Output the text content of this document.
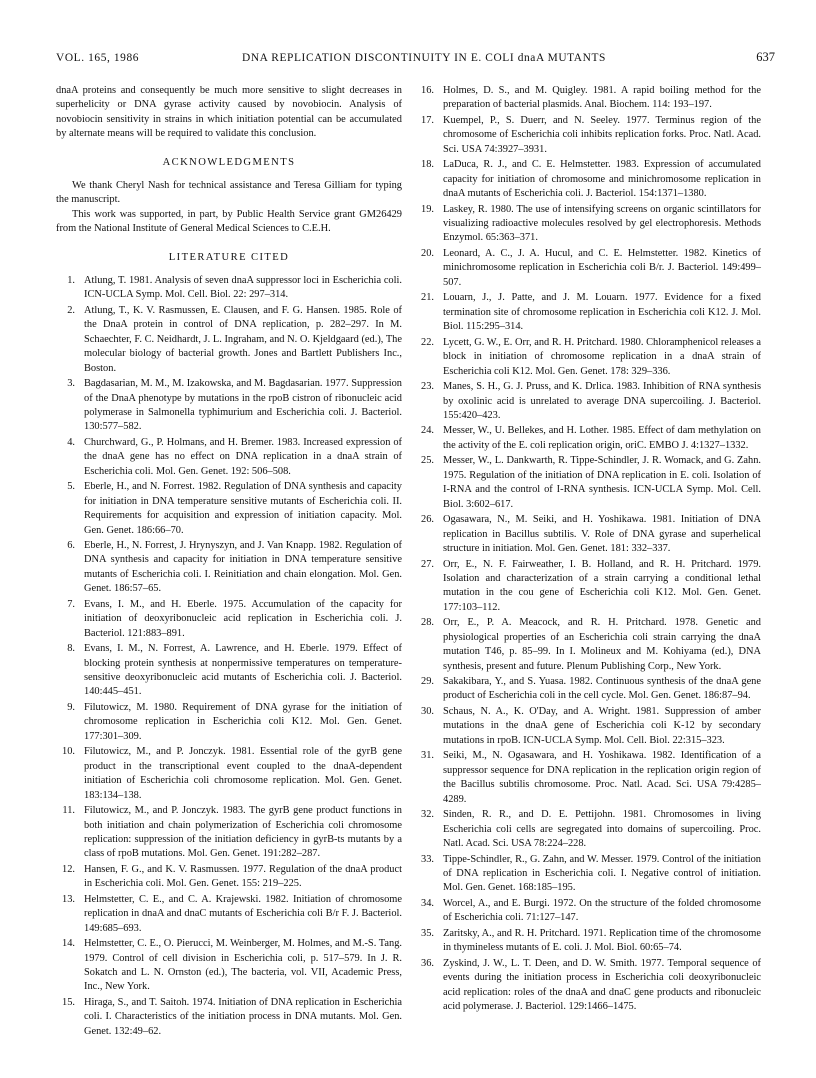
VOL. 165, 1986	DNA REPLICATION DISCONTINUITY IN E. COLI dnaA MUTANTS	637

dnaA proteins and consequently be much more sensitive to slight decreases in superhelicity or DNA gyrase activity caused by novobiocin. Analysis of novobiocin sensitivity in strains in which initiation potential can be accumulated by alternate means will be required to validate this conclusion.

ACKNOWLEDGMENTS

We thank Cheryl Nash for technical assistance and Teresa Gilliam for typing the manuscript.

This work was supported, in part, by Public Health Service grant GM26429 from the National Institute of General Medical Sciences to C.E.H.

LITERATURE CITED

1. Atlung, T. 1981. Analysis of seven dnaA suppressor loci in Escherichia coli. ICN-UCLA Symp. Mol. Cell. Biol. 22: 297–314.

2. Atlung, T., K. V. Rasmussen, E. Clausen, and F. G. Hansen. 1985. Role of the DnaA protein in control of DNA replication, p. 282–297. In M. Schaechter, F. C. Neidhardt, J. L. Ingraham, and N. O. Kjeldgaard (ed.), The molecular biology of bacterial growth. Jones and Bartlett Publishers Inc., Boston.

3. Bagdasarian, M. M., M. Izakowska, and M. Bagdasarian. 1977. Suppression of the DnaA phenotype by mutations in the rpoB cistron of ribonucleic acid polymerase in Salmonella typhimurium and Escherichia coli. J. Bacteriol. 130:577–582.

4. Churchward, G., P. Holmans, and H. Bremer. 1983. Increased expression of the dnaA gene has no effect on DNA replication in a dnaA strain of Escherichia coli. Mol. Gen. Genet. 192: 506–508.

5. Eberle, H., and N. Forrest. 1982. Regulation of DNA synthesis and capacity for initiation in DNA temperature sensitive mutants of Escherichia coli. II. Requirements for acquisition and expression of initiation capacity. Mol. Gen. Genet. 186:66–70.

6. Eberle, H., N. Forrest, J. Hrynyszyn, and J. Van Knapp. 1982. Regulation of DNA synthesis and capacity for initiation in DNA temperature sensitive mutants of Escherichia coli. I. Reinitiation and chain elongation. Mol. Gen. Genet. 186:57–65.

7. Evans, I. M., and H. Eberle. 1975. Accumulation of the capacity for initiation of deoxyribonucleic acid replication in Escherichia coli. J. Bacteriol. 121:883–891.

8. Evans, I. M., N. Forrest, A. Lawrence, and H. Eberle. 1979. Effect of blocking protein synthesis at nonpermissive temperatures on temperature-sensitive deoxyribonucleic acid mutants of Escherichia coli. J. Bacteriol. 140:445–451.

9. Filutowicz, M. 1980. Requirement of DNA gyrase for the initiation of chromosome replication in Escherichia coli K12. Mol. Gen. Genet. 177:301–309.

10. Filutowicz, M., and P. Jonczyk. 1981. Essential role of the gyrB gene product in the transcriptional event coupled to the dnaA-dependent initiation of Escherichia coli chromosome replication. Mol. Gen. Genet. 183:134–138.

11. Filutowicz, M., and P. Jonczyk. 1983. The gyrB gene product functions in both initiation and chain polymerization of Escherichia coli chromosome replication: suppression of the initiation deficiency in gyrB-ts mutants by a class of rpoB mutations. Mol. Gen. Genet. 191:282–287.

12. Hansen, F. G., and K. V. Rasmussen. 1977. Regulation of the dnaA product in Escherichia coli. Mol. Gen. Genet. 155: 219–225.

13. Helmstetter, C. E., and C. A. Krajewski. 1982. Initiation of chromosome replication in dnaA and dnaC mutants of Escherichia coli B/r F. J. Bacteriol. 149:685–693.

14. Helmstetter, C. E., O. Pierucci, M. Weinberger, M. Holmes, and M.-S. Tang. 1979. Control of cell division in Escherichia coli, p. 517–579. In J. R. Sokatch and L. N. Ornston (ed.), The bacteria, vol. VII, Academic Press, Inc., New York.

15. Hiraga, S., and T. Saitoh. 1974. Initiation of DNA replication in Escherichia coli. I. Characteristics of the initiation process in DNA mutants. Mol. Gen. Genet. 132:49–62.

16. Holmes, D. S., and M. Quigley. 1981. A rapid boiling method for the preparation of bacterial plasmids. Anal. Biochem. 114: 193–197.

17. Kuempel, P., S. Duerr, and N. Seeley. 1977. Terminus region of the chromosome of Escherichia coli inhibits replication forks. Proc. Natl. Acad. Sci. USA 74:3927–3931.

18. LaDuca, R. J., and C. E. Helmstetter. 1983. Expression of accumulated capacity for initiation of chromosome and minichromosome replication in dnaA mutants of Escherichia coli. J. Bacteriol. 154:1371–1380.

19. Laskey, R. 1980. The use of intensifying screens on organic scintillators for visualizing radioactive molecules resolved by gel electrophoresis. Methods Enzymol. 65:363–371.

20. Leonard, A. C., J. A. Hucul, and C. E. Helmstetter. 1982. Kinetics of minichromosome replication in Escherichia coli B/r. J. Bacteriol. 149:499–507.

21. Louarn, J., J. Patte, and J. M. Louarn. 1977. Evidence for a fixed termination site of chromosome replication in Escherichia coli K12. J. Mol. Biol. 115:295–314.

22. Lycett, G. W., E. Orr, and R. H. Pritchard. 1980. Chloramphenicol releases a block in initiation of chromosome replication in a dnaA strain of Escherichia coli K12. Mol. Gen. Genet. 178: 329–336.

23. Manes, S. H., G. J. Pruss, and K. Drlica. 1983. Inhibition of RNA synthesis by oxolinic acid is unrelated to average DNA supercoiling. J. Bacteriol. 155:420–423.

24. Messer, W., U. Bellekes, and H. Lother. 1985. Effect of dam methylation on the activity of the E. coli replication origin, oriC. EMBO J. 4:1327–1332.

25. Messer, W., L. Dankwarth, R. Tippe-Schindler, J. R. Womack, and G. Zahn. 1975. Regulation of the initiation of DNA replication in E. coli. Isolation of I-RNA and the control of I-RNA synthesis. ICN-UCLA Symp. Mol. Cell. Biol. 3:602–617.

26. Ogasawara, N., M. Seiki, and H. Yoshikawa. 1981. Initiation of DNA replication in Bacillus subtilis. V. Role of DNA gyrase and superhelical structure in initiation. Mol. Gen. Genet. 181: 332–337.

27. Orr, E., N. F. Fairweather, I. B. Holland, and R. H. Pritchard. 1979. Isolation and characterization of a strain carrying a conditional lethal mutation in the cou gene of Escherichia coli K12. Mol. Gen. Genet. 177:103–112.

28. Orr, E., P. A. Meacock, and R. H. Pritchard. 1978. Genetic and physiological properties of an Escherichia coli strain carrying the dnaA mutation T46, p. 85–99. In I. Molineux and M. Kohiyama (ed.), DNA synthesis, present and future. Plenum Publishing Corp., New York.

29. Sakakibara, Y., and S. Yuasa. 1982. Continuous synthesis of the dnaA gene product of Escherichia coli in the cell cycle. Mol. Gen. Genet. 186:87–94.

30. Schaus, N. A., K. O'Day, and A. Wright. 1981. Suppression of amber mutations in the dnaA gene of Escherichia coli K-12 by secondary mutations in rpoB. ICN-UCLA Symp. Mol. Cell. Biol. 22:315–323.

31. Seiki, M., N. Ogasawara, and H. Yoshikawa. 1982. Identification of a suppressor sequence for DNA replication in the replication origin region of the Bacillus subtilis chromosome. Proc. Natl. Acad. Sci. USA 79:4285–4289.

32. Sinden, R. R., and D. E. Pettijohn. 1981. Chromosomes in living Escherichia coli cells are segregated into domains of supercoiling. Proc. Natl. Acad. Sci. USA 78:224–228.

33. Tippe-Schindler, R., G. Zahn, and W. Messer. 1979. Control of the initiation of DNA replication in Escherichia coli. I. Negative control of initiation. Mol. Gen. Genet. 168:185–195.

34. Worcel, A., and E. Burgi. 1972. On the structure of the folded chromosome of Escherichia coli. 71:127–147.

35. Zaritsky, A., and R. H. Pritchard. 1971. Replication time of the chromosome in thymineless mutants of E. coli. J. Mol. Biol. 60:65–74.

36. Zyskind, J. W., L. T. Deen, and D. W. Smith. 1977. Temporal sequence of events during the initiation process in Escherichia coli deoxyribonucleic acid replication: roles of the dnaA and dnaC gene products and ribonucleic acid polymerase. J. Bacteriol. 129:1466–1475.
